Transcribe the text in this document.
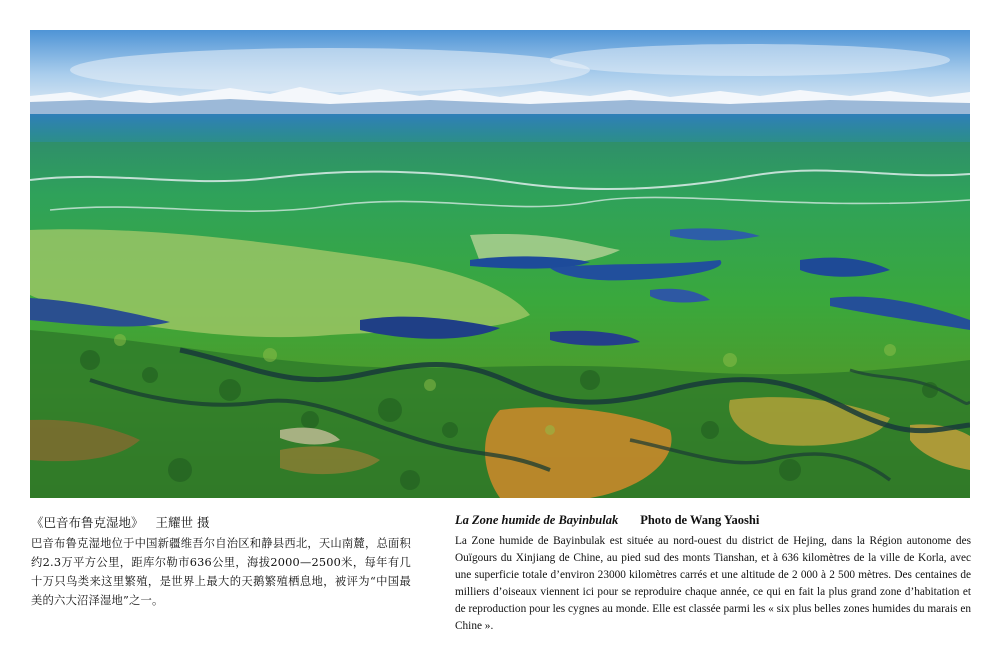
《巴音布鲁克湿地》 王耀世 摄
巴音布鲁克湿地位于中国新疆维吾尔自治区和静县西北，天山南麓，总面积约2.3万平方公里，距库尔勒市636公里，海拔2000—2500米，每年有几十万只鸟类来这里繁殖，是世界上最大的天鹅繁殖栖息地，被评为“中国最美的六大沼泽湿地”之一。
La Zone humide de Bayinbulak Photo de Wang Yaoshi
La Zone humide de Bayinbulak est située au nord-ouest du district de Hejing, dans la Région autonome des Ouïgours du Xinjiang de Chine, au pied sud des monts Tianshan, et à 636 kilomètres de la ville de Korla, avec une superficie totale d’environ 23000 kilomètres carrés et une altitude de 2 000 à 2 500 mètres. Des centaines de milliers d’oiseaux viennent ici pour se reproduire chaque année, ce qui en fait la plus grand zone d’habitation et de reproduction pour les cygnes au monde. Elle est classée parmi les « six plus belles zones humides du marais en Chine ».
